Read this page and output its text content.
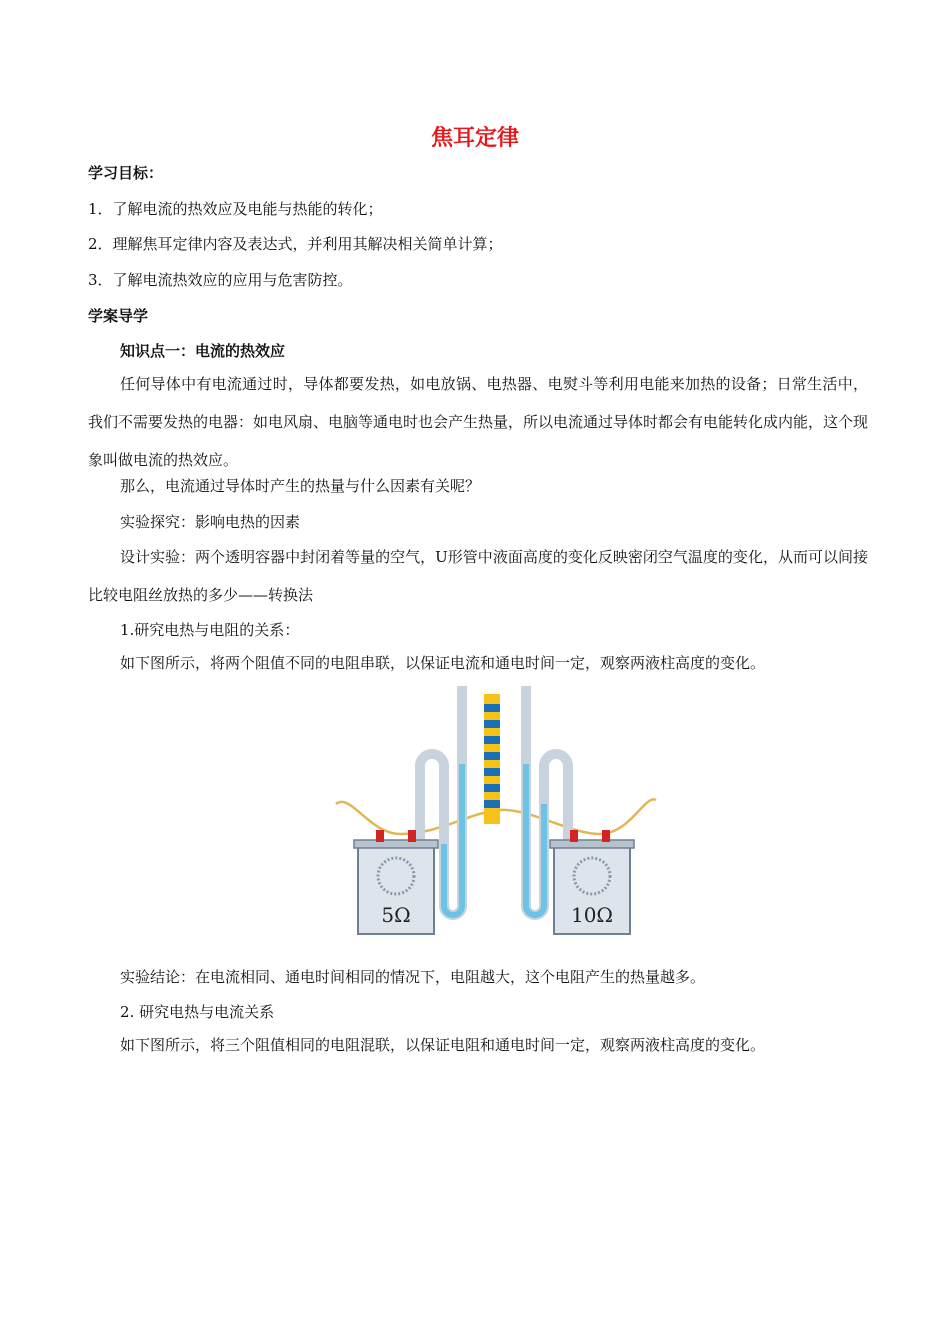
焦耳定律
学习目标：
1．了解电流的热效应及电能与热能的转化；
2．理解焦耳定律内容及表达式，并利用其解决相关简单计算；
3．了解电流热效应的应用与危害防控。
学案导学
知识点一：电流的热效应
任何导体中有电流通过时，导体都要发热，如电放锅、电热器、电熨斗等利用电能来加热的设备；日常生活中，我们不需要发热的电器：如电风扇、电脑等通电时也会产生热量，所以电流通过导体时都会有电能转化成内能，这个现象叫做电流的热效应。
那么，电流通过导体时产生的热量与什么因素有关呢？
实验探究：影响电热的因素
设计实验：两个透明容器中封闭着等量的空气，U形管中液面高度的变化反映密闭空气温度的变化，从而可以间接比较电阻丝放热的多少——转换法
1.研究电热与电阻的关系：
如下图所示，将两个阻值不同的电阻串联，以保证电流和通电时间一定，观察两液柱高度的变化。
5Ω	10Ω
实验结论：在电流相同、通电时间相同的情况下，电阻越大，这个电阻产生的热量越多。
2. 研究电热与电流关系
如下图所示，将三个阻值相同的电阻混联，以保证电阻和通电时间一定，观察两液柱高度的变化。
